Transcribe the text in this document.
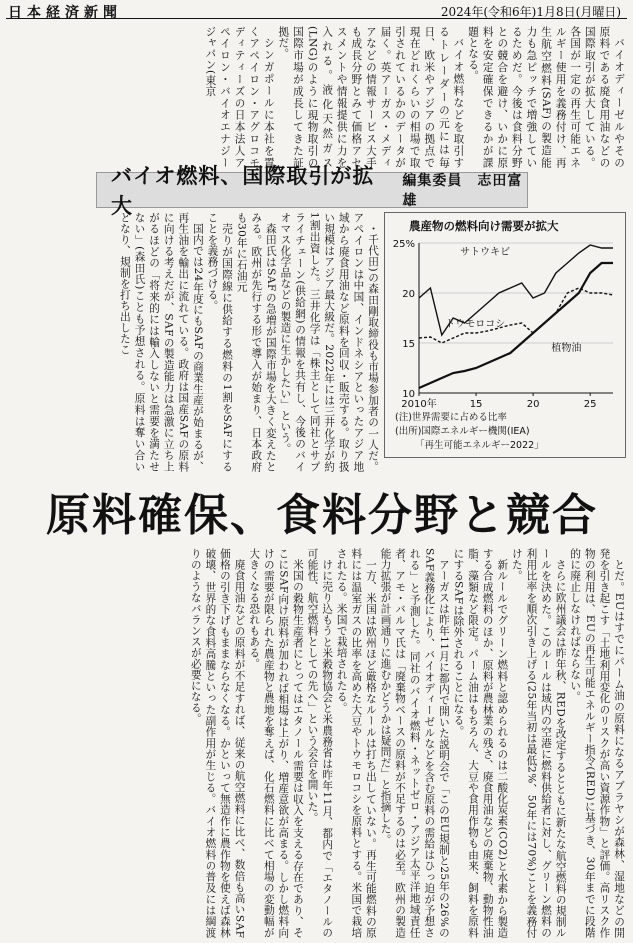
日本経済新聞	2024年(令和6年)1月8日(月曜日)

バイオディーゼルやその原料である廃食用油などの国際取引が拡大している。各国が一定の再生可能エネルギー使用を義務付け、再生航空燃料(SAF)の製造能力も急ピッチで増強しているためだ。今後は食料分野との競合を避け、いかに原料を安定確保できるかが課題となる。

バイオ燃料などを取引するトレーダーの元には毎日、欧米やアジアの拠点で現在どれくらいの相場で取引されているかのデータが届く。英アーガス・メディアなどの情報サービス大手も成長分野とみて価格アセスメントや情報提供に力を入れる。液化天然ガス(LNG)のように現物取引の国際市場が成長してきた証拠だ。

シンガポールに本社を置くアペイロン・アグロコモディティーズの日本法人アペイロン・バイオエナジージャパン(東京

バイオ燃料、国際取引が拡大
編集委員　志田富雄

・千代田)の森田剛取締役も市場参加者の一人だ。アペイロンは中国、インドネシアといったアジア地域から廃食用油など原料を回収・販売する。取り扱い規模はアジア最大級だ。2022年には三井化学が約1割出資した。三井化学は「株主として同社とサプライチェーン(供給網)の情報を共有し、今後のバイオマス化学品などの製造に生かしたい」という。

森田氏はSAFの急増が国際市場を大きく変えたとみる。欧州が先行する形で導入が始まり、日本政府も30年に石油元

売りが国際線に供給する燃料の1割をSAFにすることを義務づける。

国内では24年度にもSAFの商業生産が始まるが、再生油を輸出に流れている。政府は国産SAFの原料に向ける考えだが、SAFの製造能力は急激に立ち上がるほどの「将来的には輸入しないと需要を満たせない」(森田氏)ことも予想される。原料は奪い合いとなり、規制を打ち出したこ	農産物の燃料向け需要が拡大
25%
20
15
10
2010年	15	20	25
サトウキビ
トウモロコシ
植物油
(注)世界需要に占める比率
(出所)国際エネルギー機関(IEA)
「再生可能エネルギー2022」
原料確保、食料分野と競合

とだ。EUはすでにパーム油の原料になるアブラヤシが森林、湿地などの開発を引き起こす「土地利用変化のリスクが高い資源作物」と評価。高リスク作物の利用は、EUの再生可能エネルギー指令(RED)に基づき、30年までに段階的に廃止しなければならない。

さらに欧州議会は昨年秋、REDを改定するとともに新たな航空燃料の規制ルールを決めた。このルールは域内の空港に燃料供給者に対し、グリーン燃料の利用比率を順次引き上げる(25年当初は最低2%、50年には70%)ことを義務付けた。

新ルールでグリーン燃料と認められるのは二酸化炭素(CO2)と水素から製造する合成燃料のほか、原料が農林業の残さ、廃食用油などの廃棄物、動物性油脂、藻類など限定。パーム油はもちろん、大豆や食用作物も由来、飼料を原料にするSAFは除外されることになる。

アーガスは昨年11月に都内で開いた説明会で「このEU規制と25年の26%のSAF義務化により、バイオディーゼルなどを含む原料の需給はひっ迫が予想される」と予測した。同社のバイオ燃料・ネットゼロ・アジア太平洋地域責任者、アモ・バルマ氏は「廃棄物ベースの原料が不足するのは必至。欧州の製造能力拡張が計画通りに進むかどうかは疑問だ」と指摘した。

一方、米国は欧州ほど厳格なルールは打ち出していない。再生可能燃料の原料には温室ガスの比率を高めた大豆やトウモロコシを原料とする。米国で栽培されたる。米国で栽培されたる。

けに売り込もうと米穀物協会と米農務省は昨年11月、都内で「エタノールの可能性、航空燃料としての先へ」という会合を開いた。

米国の穀物生産者にとってはエタノール需要は収入を支える存在であり、そこにSAF向け原料が加われば相場は上がり、増産意欲が高まる。しかし燃料向けの需要が限られた農産物と農地を奪えば、化石燃料に比べて相場の変動幅が大きくなる恐れもある。

廃食用油などの原料が不足すれば、従来の航空燃料に比べ、数倍も高いSAF価格の引き下げもままならなくなる。かといって無造作に農作物を使えば森林破壊、世界的な食料高騰といった副作用が生じる。バイオ燃料の普及には綱渡りのようなバランスが必要になる。
